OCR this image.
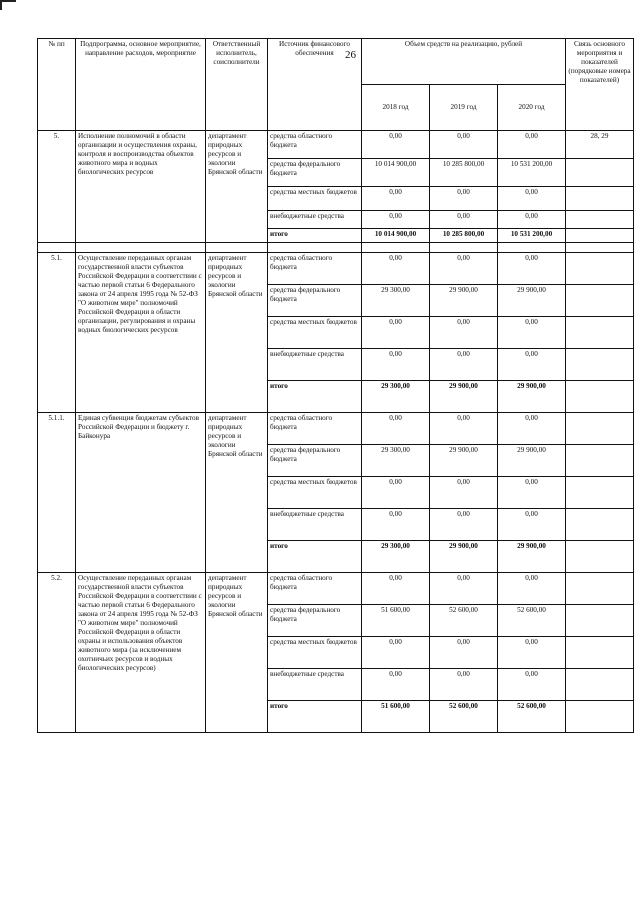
26
№ пп	Подпрограмма, основное мероприятие, направление расходов, мероприятие	Ответственный исполнитель, соисполнители	Источник финансового обеспечения	Объем средств на реализацию, рублей			Связь основного мероприятия и показателей (порядковые номера показателей)
				2018 год	2019 год	2020 год	
5.	Исполнение полномочий в области организации и осуществления охраны, контроля и воспроизводства объектов животного мира и водных биологических ресурсов	департамент природных ресурсов и экологии Брянской области	средства областного бюджета	0,00	0,00	0,00	28, 29
			средства федерального бюджета	10 014 900,00	10 285 800,00	10 531 200,00	
			средства местных бюджетов	0,00	0,00	0,00	
			внебюджетные средства	0,00	0,00	0,00	
			итого	10 014 900,00	10 285 800,00	10 531 200,00	

5.1.	Осуществление переданных органам государственной власти субъектов Российской Федерации в соответствии с частью первой статьи 6 Федерального закона от 24 апреля 1995 года № 52-ФЗ "О животном мире" полномочий Российской Федерации в области организации, регулирования и охраны водных биологических ресурсов	департамент природных ресурсов и экологии Брянской области	средства областного бюджета	0,00	0,00	0,00	
			средства федерального бюджета	29 300,00	29 900,00	29 900,00	
			средства местных бюджетов	0,00	0,00	0,00	
			внебюджетные средства	0,00	0,00	0,00	
			итого	29 300,00	29 900,00	29 900,00	
5.1.1.	Единая субвенция бюджетам субъектов Российской Федерации и бюджету г. Байконура	департамент природных ресурсов и экологии Брянской области	средства областного бюджета	0,00	0,00	0,00	
			средства федерального бюджета	29 300,00	29 900,00	29 900,00	
			средства местных бюджетов	0,00	0,00	0,00	
			внебюджетные средства	0,00	0,00	0,00	
			итого	29 300,00	29 900,00	29 900,00	
5.2.	Осуществление переданных органам государственной власти субъектов Российской Федерации в соответствии с частью первой статьи 6 Федерального закона от 24 апреля 1995 года № 52-ФЗ "О животном мире" полномочий Российской Федерации в области охраны и использования объектов животного мира (за исключением охотничьих ресурсов и водных биологических ресурсов)	департамент природных ресурсов и экологии Брянской области	средства областного бюджета	0,00	0,00	0,00	
			средства федерального бюджета	51 600,00	52 600,00	52 600,00	
			средства местных бюджетов	0,00	0,00	0,00	
			внебюджетные средства	0,00	0,00	0,00	
			итого	51 600,00	52 600,00	52 600,00	
